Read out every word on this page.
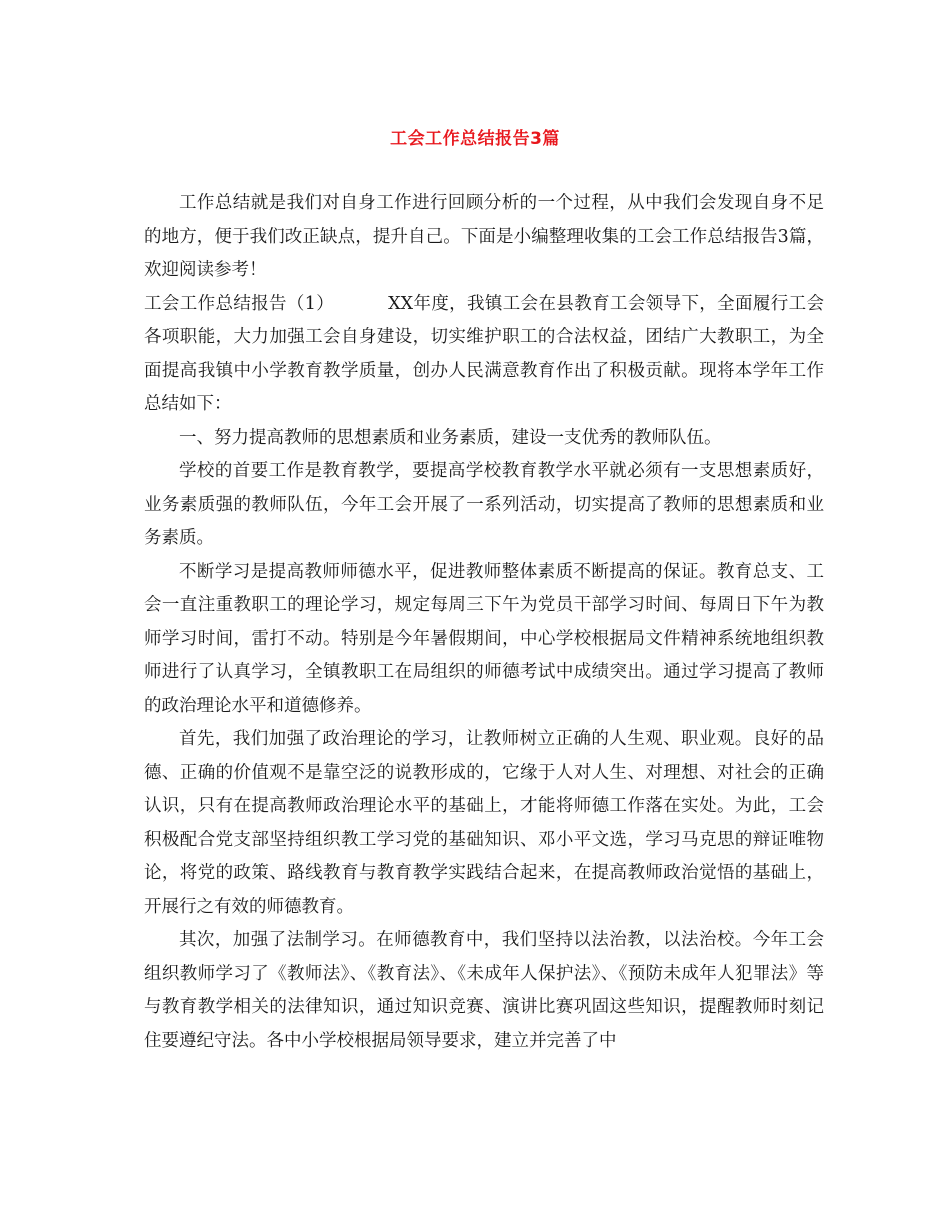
工会工作总结报告3篇

工作总结就是我们对自身工作进行回顾分析的一个过程，从中我们会发现自身不足的地方，便于我们改正缺点，提升自己。下面是小编整理收集的工会工作总结报告3篇，欢迎阅读参考！

工会工作总结报告（1）	XX年度，我镇工会在县教育工会领导下，全面履行工会各项职能，大力加强工会自身建设，切实维护职工的合法权益，团结广大教职工，为全面提高我镇中小学教育教学质量，创办人民满意教育作出了积极贡献。现将本学年工作总结如下：

一、努力提高教师的思想素质和业务素质，建设一支优秀的教师队伍。

学校的首要工作是教育教学，要提高学校教育教学水平就必须有一支思想素质好，业务素质强的教师队伍，今年工会开展了一系列活动，切实提高了教师的思想素质和业务素质。

不断学习是提高教师师德水平，促进教师整体素质不断提高的保证。教育总支、工会一直注重教职工的理论学习，规定每周三下午为党员干部学习时间、每周日下午为教师学习时间，雷打不动。特别是今年暑假期间，中心学校根据局文件精神系统地组织教师进行了认真学习，全镇教职工在局组织的师德考试中成绩突出。通过学习提高了教师的政治理论水平和道德修养。

首先，我们加强了政治理论的学习，让教师树立正确的人生观、职业观。良好的品德、正确的价值观不是靠空泛的说教形成的，它缘于人对人生、对理想、对社会的正确认识，只有在提高教师政治理论水平的基础上，才能将师德工作落在实处。为此，工会积极配合党支部坚持组织教工学习党的基础知识、邓小平文选，学习马克思的辩证唯物论，将党的政策、路线教育与教育教学实践结合起来，在提高教师政治觉悟的基础上，开展行之有效的师德教育。

其次，加强了法制学习。在师德教育中，我们坚持以法治教，以法治校。今年工会组织教师学习了《教师法》、《教育法》、《未成年人保护法》、《预防未成年人犯罪法》等与教育教学相关的法律知识，通过知识竞赛、演讲比赛巩固这些知识，提醒教师时刻记住要遵纪守法。各中小学校根据局领导要求，建立并完善了中
